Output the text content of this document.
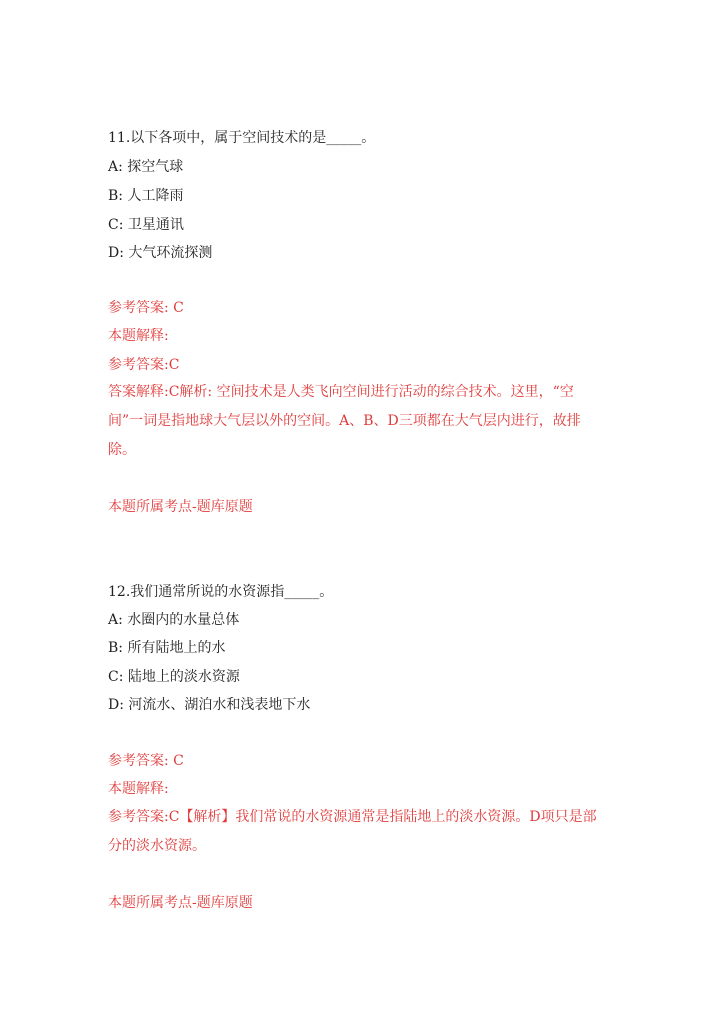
11.以下各项中，属于空间技术的是_____。
A: 探空气球
B: 人工降雨
C: 卫星通讯
D: 大气环流探测
参考答案: C
本题解释:
参考答案:C
答案解释:C解析: 空间技术是人类飞向空间进行活动的综合技术。这里，“空间”一词是指地球大气层以外的空间。A、B、D三项都在大气层内进行，故排除。
本题所属考点-题库原题
12.我们通常所说的水资源指_____。
A: 水圈内的水量总体
B: 所有陆地上的水
C: 陆地上的淡水资源
D: 河流水、湖泊水和浅表地下水
参考答案: C
本题解释:
参考答案:C【解析】我们常说的水资源通常是指陆地上的淡水资源。D项只是部分的淡水资源。
本题所属考点-题库原题
